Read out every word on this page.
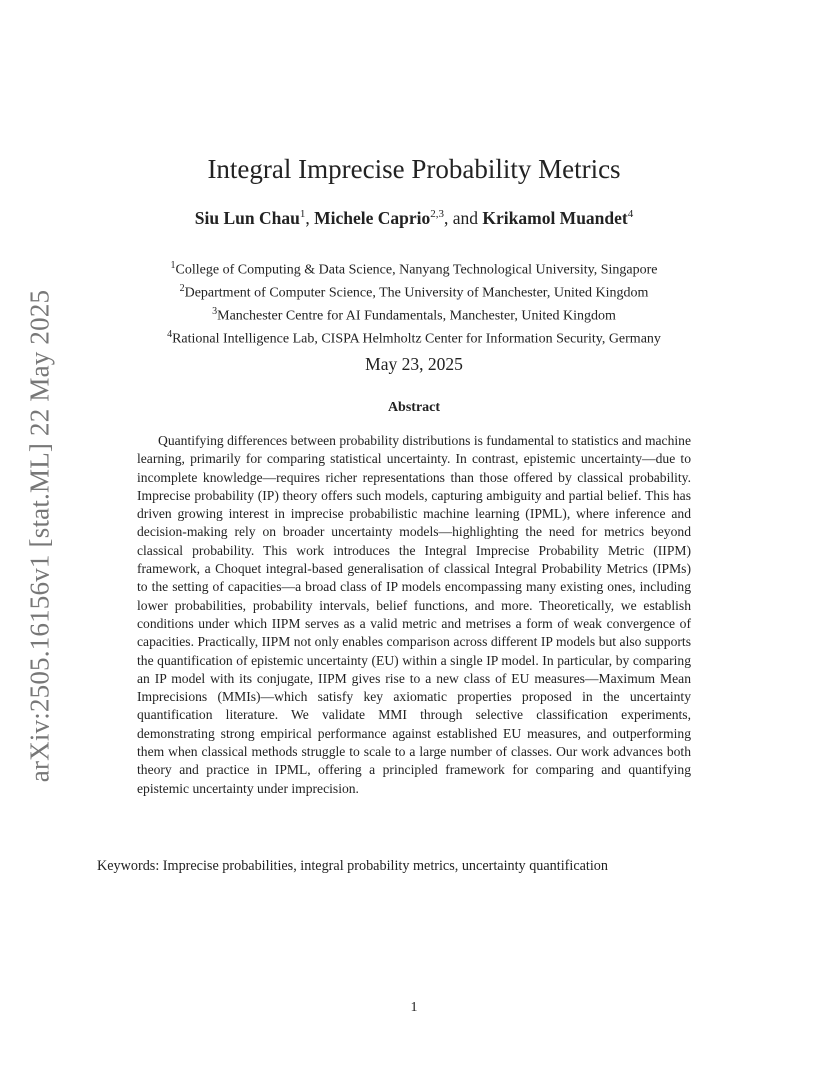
arXiv:2505.16156v1 [stat.ML] 22 May 2025
Integral Imprecise Probability Metrics
Siu Lun Chau$^1$, Michele Caprio$^{2,3}$, and Krikamol Muandet$^4$
$^1$College of Computing & Data Science, Nanyang Technological University, Singapore
$^2$Department of Computer Science, The University of Manchester, United Kingdom
$^3$Manchester Centre for AI Fundamentals, Manchester, United Kingdom
$^4$Rational Intelligence Lab, CISPA Helmholtz Center for Information Security, Germany
May 23, 2025
Abstract

Quantifying differences between probability distributions is fundamental to statistics and machine learning, primarily for comparing statistical uncertainty. In contrast, epistemic uncertainty—due to incomplete knowledge—requires richer representations than those offered by classical probability. Imprecise probability (IP) theory offers such models, capturing ambiguity and partial belief. This has driven growing interest in imprecise probabilistic machine learning (IPML), where inference and decision-making rely on broader uncertainty models—highlighting the need for metrics beyond classical probability. This work introduces the Integral Imprecise Probability Metric (IIPM) framework, a Choquet integral-based generalisation of classical Integral Probability Metrics (IPMs) to the setting of capacities—a broad class of IP models encompassing many existing ones, including lower probabilities, probability intervals, belief functions, and more. Theoretically, we establish conditions under which IIPM serves as a valid metric and metrises a form of weak convergence of capacities. Practically, IIPM not only enables comparison across different IP models but also supports the quantification of epistemic uncertainty (EU) within a single IP model. In particular, by comparing an IP model with its conjugate, IIPM gives rise to a new class of EU measures—Maximum Mean Imprecisions (MMIs)—which satisfy key axiomatic properties proposed in the uncertainty quantification literature. We validate MMI through selective classification experiments, demonstrating strong empirical performance against established EU measures, and outperforming them when classical methods struggle to scale to a large number of classes. Our work advances both theory and practice in IPML, offering a principled framework for comparing and quantifying epistemic uncertainty under imprecision.

Keywords: Imprecise probabilities, integral probability metrics, uncertainty quantification

1
